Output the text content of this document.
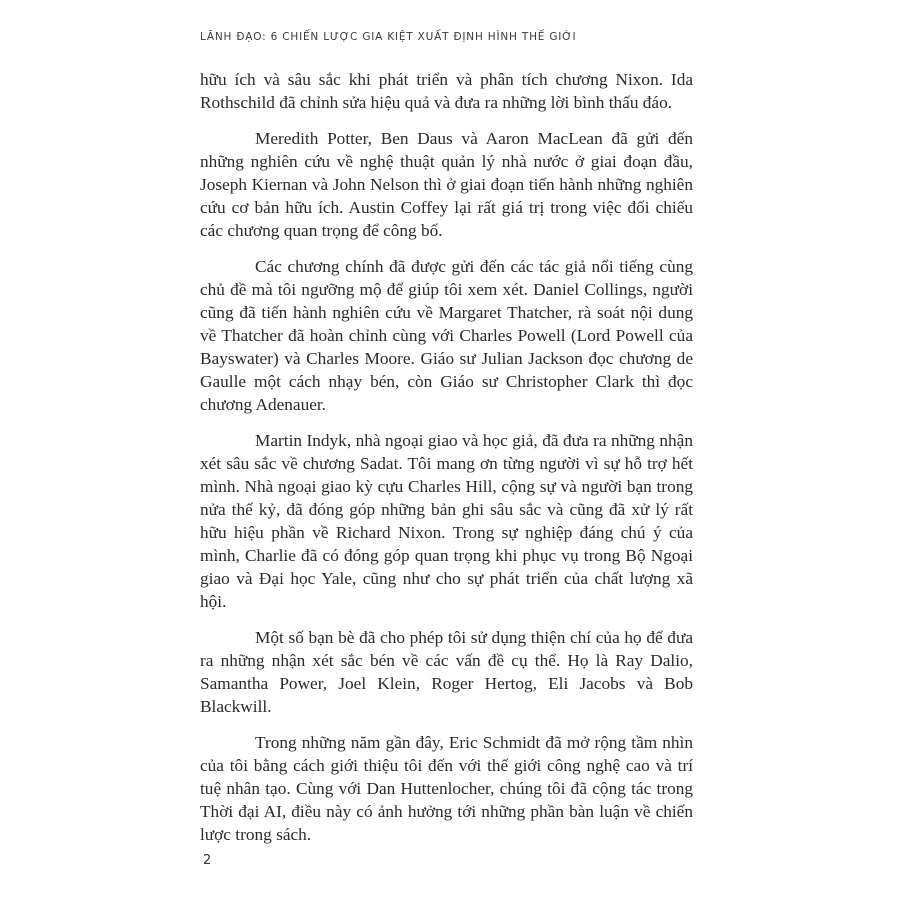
LÃNH ĐẠO: 6 CHIẾN LƯỢC GIA KIỆT XUẤT ĐỊNH HÌNH THẾ GIỚI

hữu ích và sâu sắc khi phát triển và phân tích chương Nixon. Ida Rothschild đã chỉnh sửa hiệu quả và đưa ra những lời bình thấu đáo.

Meredith Potter, Ben Daus và Aaron MacLean đã gửi đến những nghiên cứu về nghệ thuật quản lý nhà nước ở giai đoạn đầu, Joseph Kiernan và John Nelson thì ở giai đoạn tiến hành những nghiên cứu cơ bản hữu ích. Austin Coffey lại rất giá trị trong việc đối chiếu các chương quan trọng để công bố.

Các chương chính đã được gửi đến các tác giả nổi tiếng cùng chủ đề mà tôi ngưỡng mộ để giúp tôi xem xét. Daniel Collings, người cũng đã tiến hành nghiên cứu về Margaret Thatcher, rà soát nội dung về Thatcher đã hoàn chỉnh cùng với Charles Powell (Lord Powell của Bayswater) và Charles Moore. Giáo sư Julian Jackson đọc chương de Gaulle một cách nhạy bén, còn Giáo sư Christopher Clark thì đọc chương Adenauer.

Martin Indyk, nhà ngoại giao và học giả, đã đưa ra những nhận xét sâu sắc về chương Sadat. Tôi mang ơn từng người vì sự hỗ trợ hết mình. Nhà ngoại giao kỳ cựu Charles Hill, cộng sự và người bạn trong nửa thế kỷ, đã đóng góp những bản ghi sâu sắc và cũng đã xử lý rất hữu hiệu phần về Richard Nixon. Trong sự nghiệp đáng chú ý của mình, Charlie đã có đóng góp quan trọng khi phục vụ trong Bộ Ngoại giao và Đại học Yale, cũng như cho sự phát triển của chất lượng xã hội.

Một số bạn bè đã cho phép tôi sử dụng thiện chí của họ để đưa ra những nhận xét sắc bén về các vấn đề cụ thể. Họ là Ray Dalio, Samantha Power, Joel Klein, Roger Hertog, Eli Jacobs và Bob Blackwill.

Trong những năm gần đây, Eric Schmidt đã mở rộng tầm nhìn của tôi bằng cách giới thiệu tôi đến với thế giới công nghệ cao và trí tuệ nhân tạo. Cùng với Dan Huttenlocher, chúng tôi đã cộng tác trong Thời đại AI, điều này có ảnh hưởng tới những phần bàn luận về chiến lược trong sách.

2
